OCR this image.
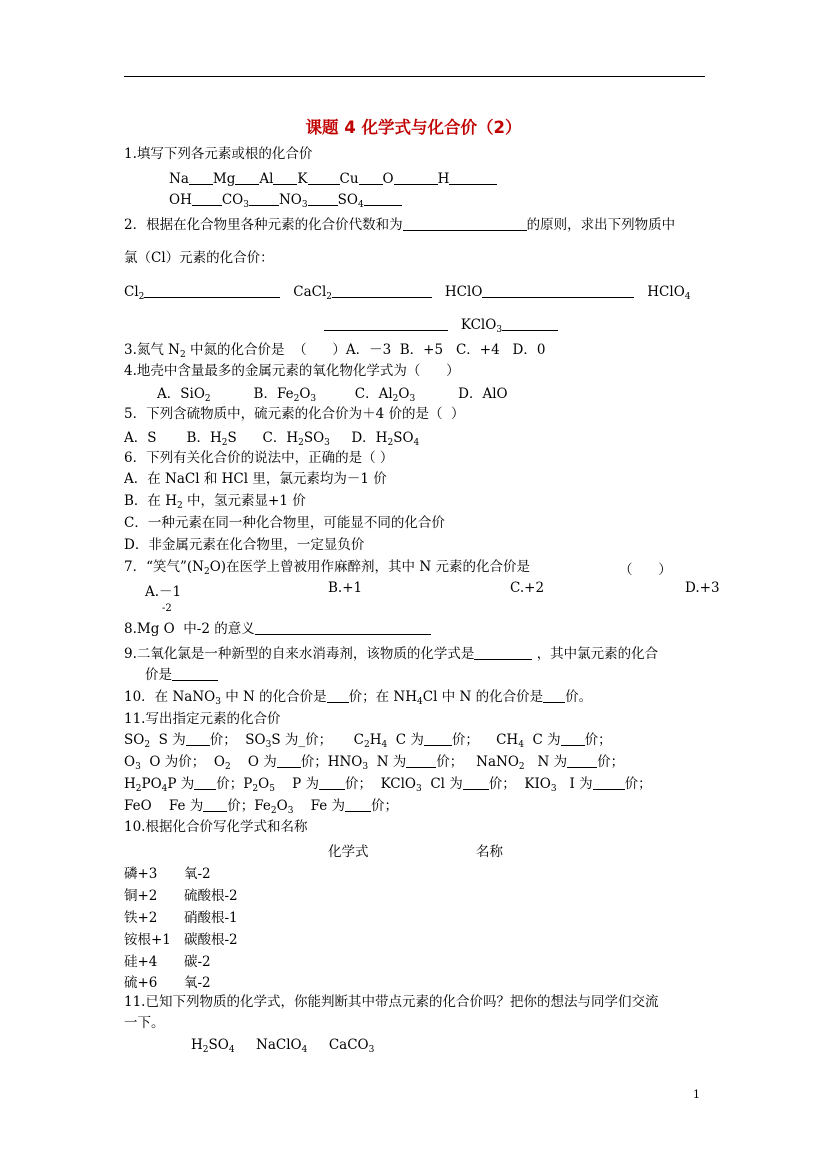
课题 4 化学式与化合价（2）
1.填写下列各元素或根的化合价
Na Mg Al K Cu O	H
OH $CO_3$ $NO_3$ $SO_4$
2．根据在化合物里各种元素的化合价代数和为	的原则，求出下列物质中
氯（Cl）元素的化合价：
$Cl_2$	CaCl$_2$	HClO	HClO$_4$
KClO$_3$
3.氮气 $N_2$ 中氮的化合价是  （      ）A．－3  B．+5   C．+4   D．0
4.地壳中含量最多的金属元素的氧化物化学式为（      ）
A．SiO$_2$	B．$Fe_2O_3$	C．$Al_2O_3$	D．AlO
5．下列含硫物质中，硫元素的化合价为＋4 价的是（  ）
A．S B．$H_2S$ C．$H_2SO_3$ D．$H_2SO_4$
6．下列有关化合价的说法中，正确的是（ ）
A．在 NaCl 和 HCl 里，氯元素均为－1 价
B．在 $H_2$ 中，氢元素显+1 价
C．一种元素在同一种化合物里，可能显不同的化合价
D．非金属元素在化合物里，一定显负价
7．“笑气$”(N_2O)$在医学上曾被用作麻醉剂，其中 N 元素的化合价是	（      ）
A.－1	B.+1	C.+2	D.+3
-2
8.Mg O  中-2 的意义
9.二氧化氯是一种新型的自来水消毒剂，该物质的化学式是	，其中氯元素的化合
价是
10．在 NaNO$_3$ 中 N 的化合价是 价；在 $NH_4Cl$ 中 N 的化合价是 价。
11.写出指定元素的化合价
$SO_2$ S 为 价；  $SO_3S$ 为_价； $C_2H_4$ C 为 价； $CH_4$ C 为 价；
$O_3$ O 为价； $O_2$ O 为 价；$HNO_3$ N 为 价； NaNO$_2$ N 为 价；
$H_2PO_4P$ 为 价；$P_2O_5$ P 为 价； KClO$_3$ Cl 为 价； $KIO_3$ I 为 价；
FeO Fe 为 价；$Fe_2O_3$ Fe 为 价；
10.根据化合价写化学式和名称
化学式	名称
磷+3 氧-2
铜+2 硫酸根-2
铁+2 硝酸根-1
铵根+1 碳酸根-2
硅+4 碳-2
硫+6 氧-2
11.已知下列物质的化学式，你能判断其中带点元素的化合价吗？把你的想法与同学们交流
一下。
$H_2SO_4$ NaClO$_4$ CaCO$_3$
1
